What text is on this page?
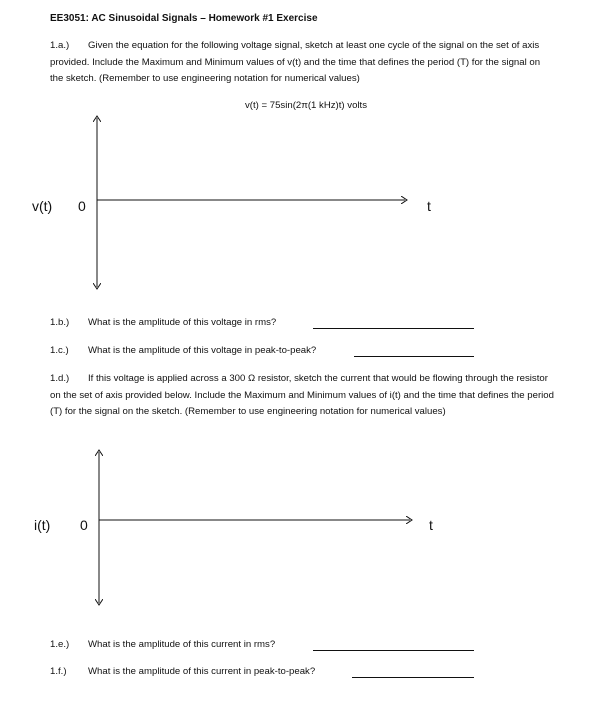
EE3051: AC Sinusoidal Signals – Homework #1 Exercise
1.a.) Given the equation for the following voltage signal, sketch at least one cycle of the signal on the set of axis provided. Include the Maximum and Minimum values of v(t) and the time that defines the period (T) for the signal on the sketch. (Remember to use engineering notation for numerical values)
v(t) = 75sin(2π(1 kHz)t) volts
v(t) 0	t
1.b.) What is the amplitude of this voltage in rms?
1.c.) What is the amplitude of this voltage in peak-to-peak?
1.d.) If this voltage is applied across a 300 Ω resistor, sketch the current that would be flowing through the resistor on the set of axis provided below. Include the Maximum and Minimum values of i(t) and the time that defines the period (T) for the signal on the sketch. (Remember to use engineering notation for numerical values)
i(t) 0	t
1.e.) What is the amplitude of this current in rms?
1.f.) What is the amplitude of this current in peak-to-peak?
